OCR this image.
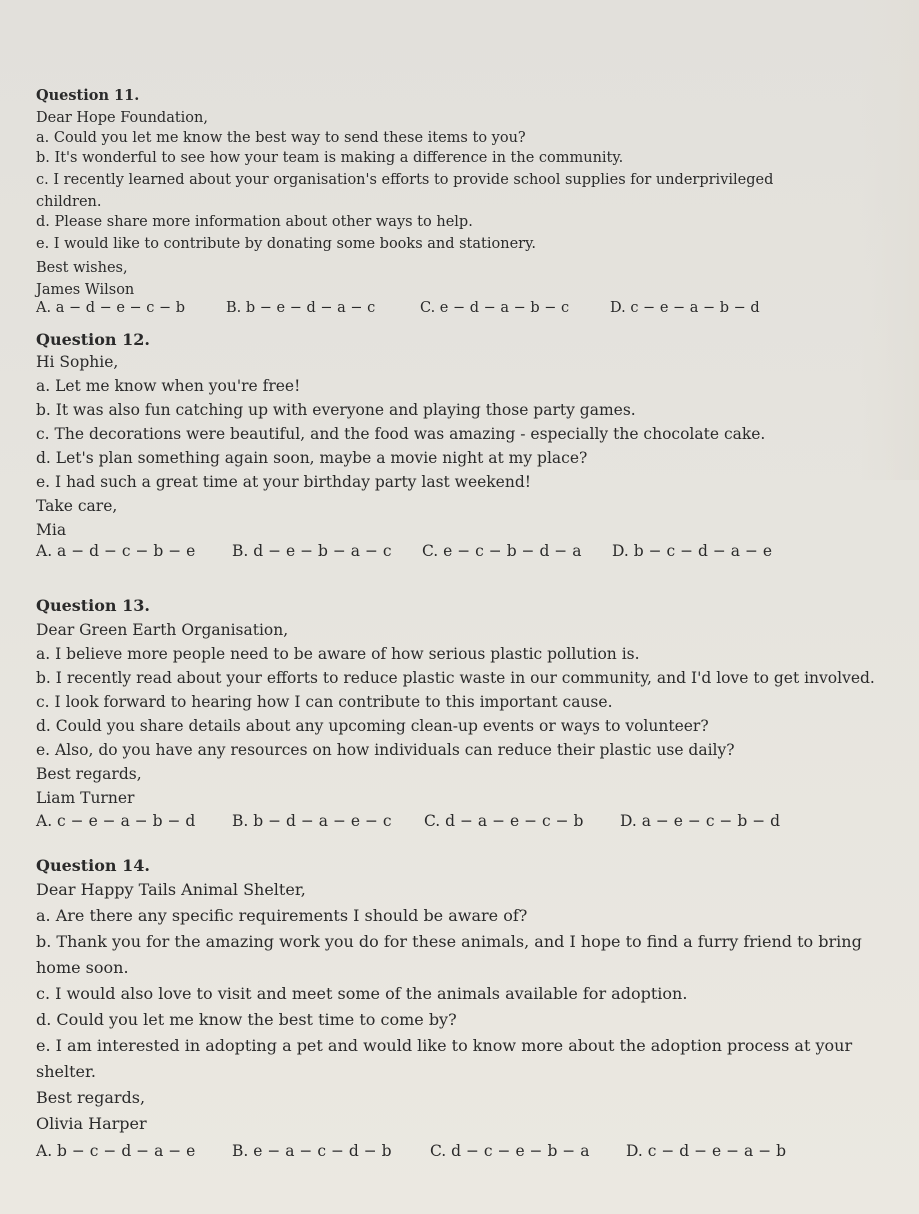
Question 11.
Dear Hope Foundation,
a. Could you let me know the best way to send these items to you?
b. It's wonderful to see how your team is making a difference in the community.
c. I recently learned about your organisation's efforts to provide school supplies for underprivileged
children.
d. Please share more information about other ways to help.
e. I would like to contribute by donating some books and stationery.
Best wishes,
James Wilson
A. a − d − e − c − b	B. b − e − d − a − c	C. e − d − a − b − c	D. c − e − a − b − d
Question 12.
Hi Sophie,
a. Let me know when you're free!
b. It was also fun catching up with everyone and playing those party games.
c. The decorations were beautiful, and the food was amazing - especially the chocolate cake.
d. Let's plan something again soon, maybe a movie night at my place?
e. I had such a great time at your birthday party last weekend!
Take care,
Mia
A. a − d − c − b − e B. d − e − b − a − c C. e − c − b − d − a D. b − c − d − a − e
Question 13.
Dear Green Earth Organisation,
a. I believe more people need to be aware of how serious plastic pollution is.
b. I recently read about your efforts to reduce plastic waste in our community, and I'd love to get involved.
c. I look forward to hearing how I can contribute to this important cause.
d. Could you share details about any upcoming clean-up events or ways to volunteer?
e. Also, do you have any resources on how individuals can reduce their plastic use daily?
Best regards,
Liam Turner
A. c − e − a − b − d B. b − d − a − e − c C. d − a − e − c − b D. a − e − c − b − d
Question 14.
Dear Happy Tails Animal Shelter,
a. Are there any specific requirements I should be aware of?
b. Thank you for the amazing work you do for these animals, and I hope to find a furry friend to bring
home soon.
c. I would also love to visit and meet some of the animals available for adoption.
d. Could you let me know the best time to come by?
e. I am interested in adopting a pet and would like to know more about the adoption process at your
shelter.
Best regards,
Olivia Harper
A. b − c − d − a − e B. e − a − c − d − b C. d − c − e − b − a D. c − d − e − a − b
